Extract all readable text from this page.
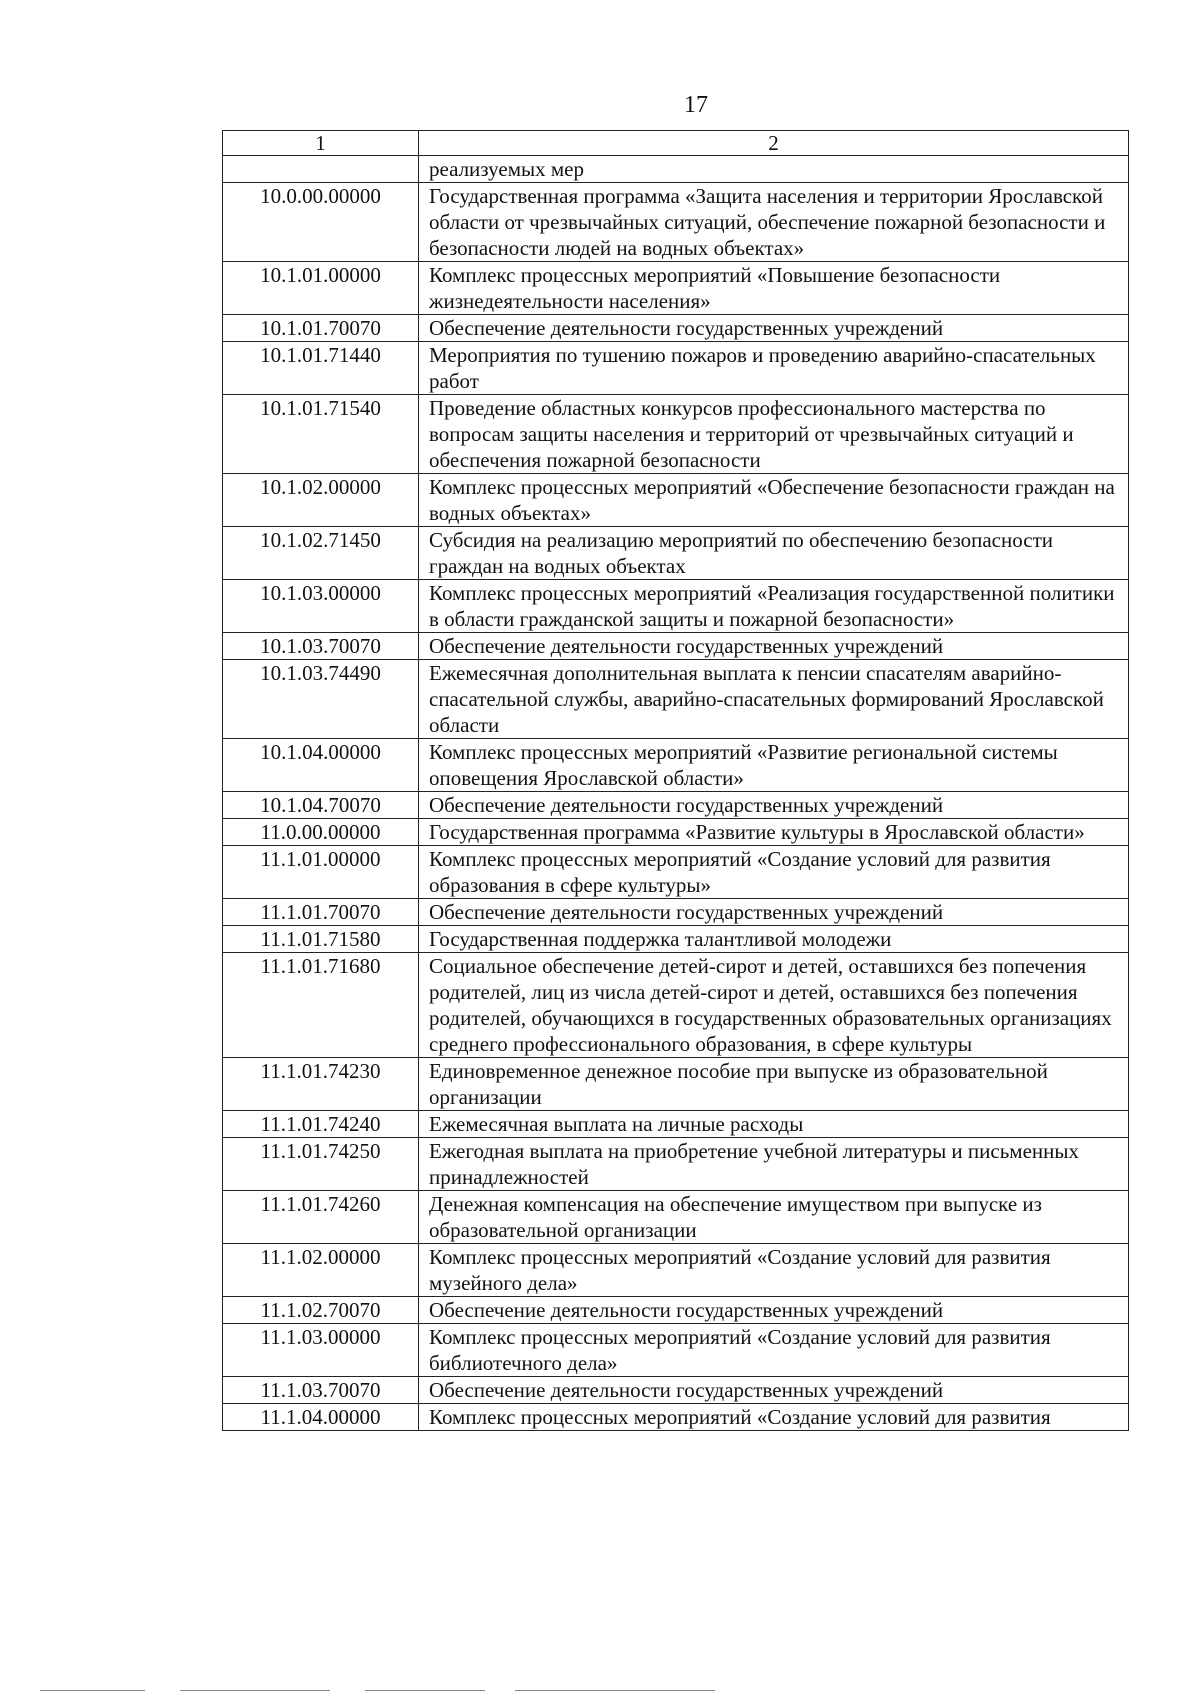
17
1	2
	реализуемых мер
10.0.00.00000	Государственная программа «Защита населения и территории Ярославской области от чрезвычайных ситуаций, обеспечение пожарной безопасности и безопасности людей на водных объектах»
10.1.01.00000	Комплекс процессных мероприятий «Повышение безопасности жизнедеятельности населения»
10.1.01.70070	Обеспечение деятельности государственных учреждений
10.1.01.71440	Мероприятия по тушению пожаров и проведению аварийно-спасательных работ
10.1.01.71540	Проведение областных конкурсов профессионального мастерства по вопросам защиты населения и территорий от чрезвычайных ситуаций и обеспечения пожарной безопасности
10.1.02.00000	Комплекс процессных мероприятий «Обеспечение безопасности граждан на водных объектах»
10.1.02.71450	Субсидия на реализацию мероприятий по обеспечению безопасности граждан на водных объектах
10.1.03.00000	Комплекс процессных мероприятий «Реализация государственной политики в области гражданской защиты и пожарной безопасности»
10.1.03.70070	Обеспечение деятельности государственных учреждений
10.1.03.74490	Ежемесячная дополнительная выплата к пенсии спасателям аварийно-спасательной службы, аварийно-спасательных формирований Ярославской области
10.1.04.00000	Комплекс процессных мероприятий «Развитие региональной системы оповещения Ярославской области»
10.1.04.70070	Обеспечение деятельности государственных учреждений
11.0.00.00000	Государственная программа «Развитие культуры в Ярославской области»
11.1.01.00000	Комплекс процессных мероприятий «Создание условий для развития образования в сфере культуры»
11.1.01.70070	Обеспечение деятельности государственных учреждений
11.1.01.71580	Государственная поддержка талантливой молодежи
11.1.01.71680	Социальное обеспечение детей-сирот и детей, оставшихся без попечения родителей, лиц из числа детей-сирот и детей, оставшихся без попечения родителей, обучающихся в государственных образовательных организациях среднего профессионального образования, в сфере культуры
11.1.01.74230	Единовременное денежное пособие при выпуске из образовательной организации
11.1.01.74240	Ежемесячная выплата на личные расходы
11.1.01.74250	Ежегодная выплата на приобретение учебной литературы и письменных принадлежностей
11.1.01.74260	Денежная компенсация на обеспечение имуществом при выпуске из образовательной организации
11.1.02.00000	Комплекс процессных мероприятий «Создание условий для развития музейного дела»
11.1.02.70070	Обеспечение деятельности государственных учреждений
11.1.03.00000	Комплекс процессных мероприятий «Создание условий для развития библиотечного дела»
11.1.03.70070	Обеспечение деятельности государственных учреждений
11.1.04.00000	Комплекс процессных мероприятий «Создание условий для развития
